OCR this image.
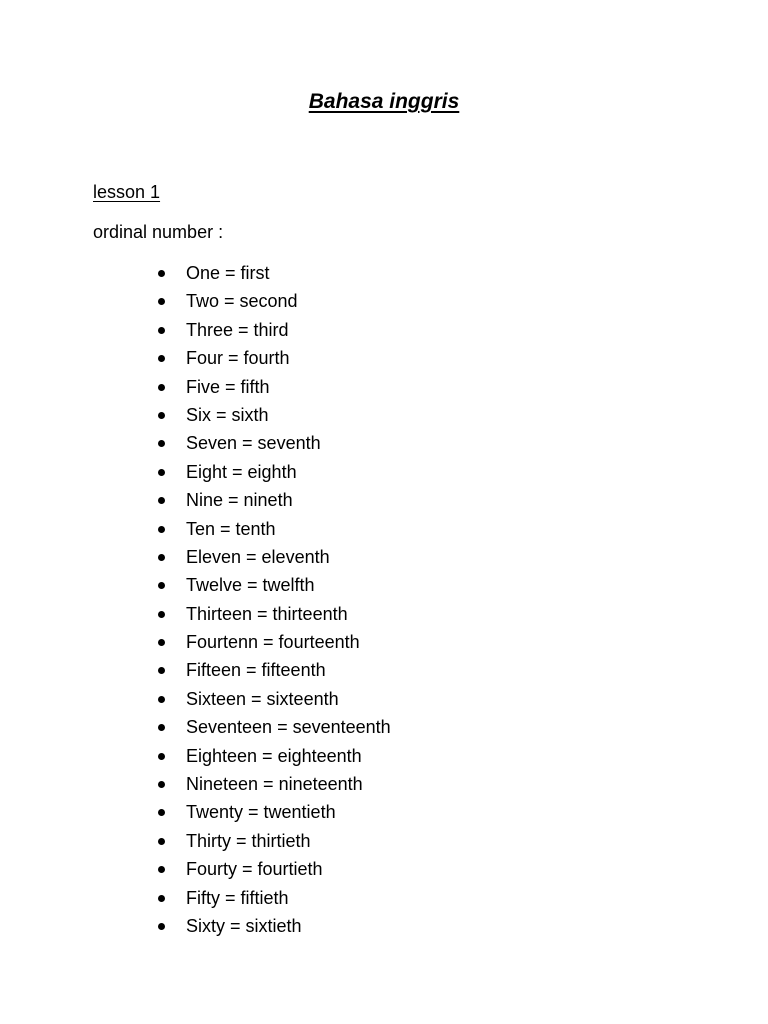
Bahasa inggris
lesson 1
ordinal number :
One = first
Two = second
Three = third
Four = fourth
Five = fifth
Six = sixth
Seven = seventh
Eight = eighth
Nine = nineth
Ten = tenth
Eleven = eleventh
Twelve = twelfth
Thirteen = thirteenth
Fourtenn = fourteenth
Fifteen = fifteenth
Sixteen = sixteenth
Seventeen = seventeenth
Eighteen = eighteenth
Nineteen = nineteenth
Twenty = twentieth
Thirty = thirtieth
Fourty = fourtieth
Fifty = fiftieth
Sixty = sixtieth
